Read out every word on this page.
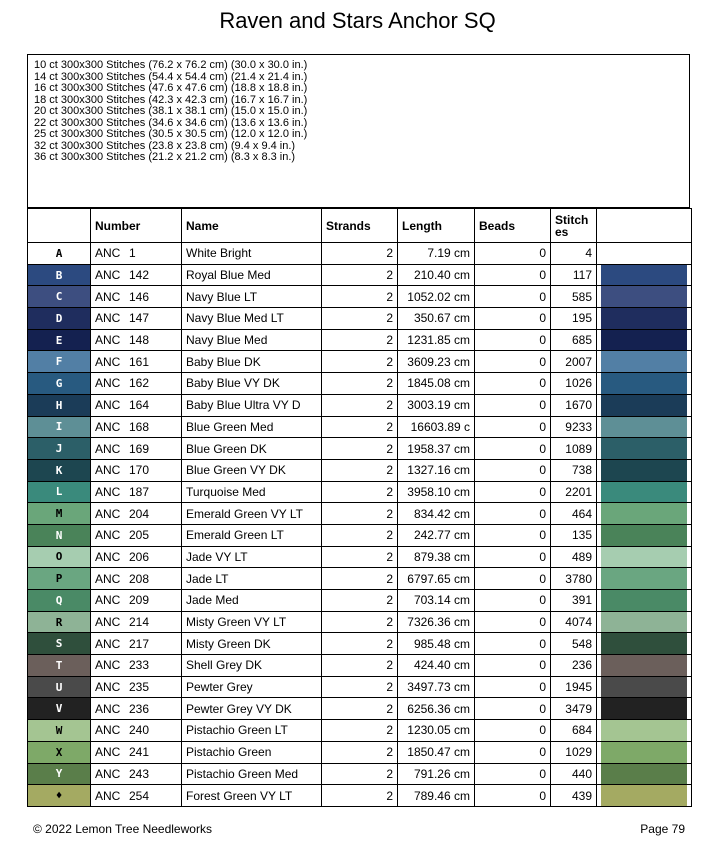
Raven and Stars Anchor SQ
10 ct 300x300 Stitches (76.2 x 76.2 cm) (30.0 x 30.0 in.)
14 ct 300x300 Stitches (54.4 x 54.4 cm) (21.4 x 21.4 in.)
16 ct 300x300 Stitches (47.6 x 47.6 cm) (18.8 x 18.8 in.)
18 ct 300x300 Stitches (42.3 x 42.3 cm) (16.7 x 16.7 in.)
20 ct 300x300 Stitches (38.1 x 38.1 cm) (15.0 x 15.0 in.)
22 ct 300x300 Stitches (34.6 x 34.6 cm) (13.6 x 13.6 in.)
25 ct 300x300 Stitches (30.5 x 30.5 cm) (12.0 x 12.0 in.)
32 ct 300x300 Stitches (23.8 x 23.8 cm) (9.4 x 9.4 in.)
36 ct 300x300 Stitches (21.2 x 21.2 cm) (8.3 x 8.3 in.)
	Number	Name	Strands	Length	Beads	Stitch es	
A	ANC 1	White Bright	2	7.19 cm	0	4	

B	ANC 142	Royal Blue Med	2	210.40 cm	0	117	

C	ANC 146	Navy Blue LT	2	1052.02 cm	0	585	

D	ANC 147	Navy Blue Med LT	2	350.67 cm	0	195	

E	ANC 148	Navy Blue Med	2	1231.85 cm	0	685	

F	ANC 161	Baby Blue DK	2	3609.23 cm	0	2007	

G	ANC 162	Baby Blue VY DK	2	1845.08 cm	0	1026	

H	ANC 164	Baby Blue Ultra VY D	2	3003.19 cm	0	1670	

I	ANC 168	Blue Green Med	2	16603.89 c	0	9233	

J	ANC 169	Blue Green DK	2	1958.37 cm	0	1089	

K	ANC 170	Blue Green VY DK	2	1327.16 cm	0	738	

L	ANC 187	Turquoise Med	2	3958.10 cm	0	2201	

M	ANC 204	Emerald Green VY LT	2	834.42 cm	0	464	

N	ANC 205	Emerald Green LT	2	242.77 cm	0	135	

O	ANC 206	Jade VY LT	2	879.38 cm	0	489	

P	ANC 208	Jade LT	2	6797.65 cm	0	3780	

Q	ANC 209	Jade Med	2	703.14 cm	0	391	

R	ANC 214	Misty Green VY LT	2	7326.36 cm	0	4074	

S	ANC 217	Misty Green DK	2	985.48 cm	0	548	

T	ANC 233	Shell Grey DK	2	424.40 cm	0	236	

U	ANC 235	Pewter Grey	2	3497.73 cm	0	1945	

V	ANC 236	Pewter Grey VY DK	2	6256.36 cm	0	3479	

W	ANC 240	Pistachio Green LT	2	1230.05 cm	0	684	

X	ANC 241	Pistachio Green	2	1850.47 cm	0	1029	

Y	ANC 243	Pistachio Green Med	2	791.26 cm	0	440	

♦	ANC 254	Forest Green VY LT	2	789.46 cm	0	439	
© 2022 Lemon Tree Needleworks	Page 79
